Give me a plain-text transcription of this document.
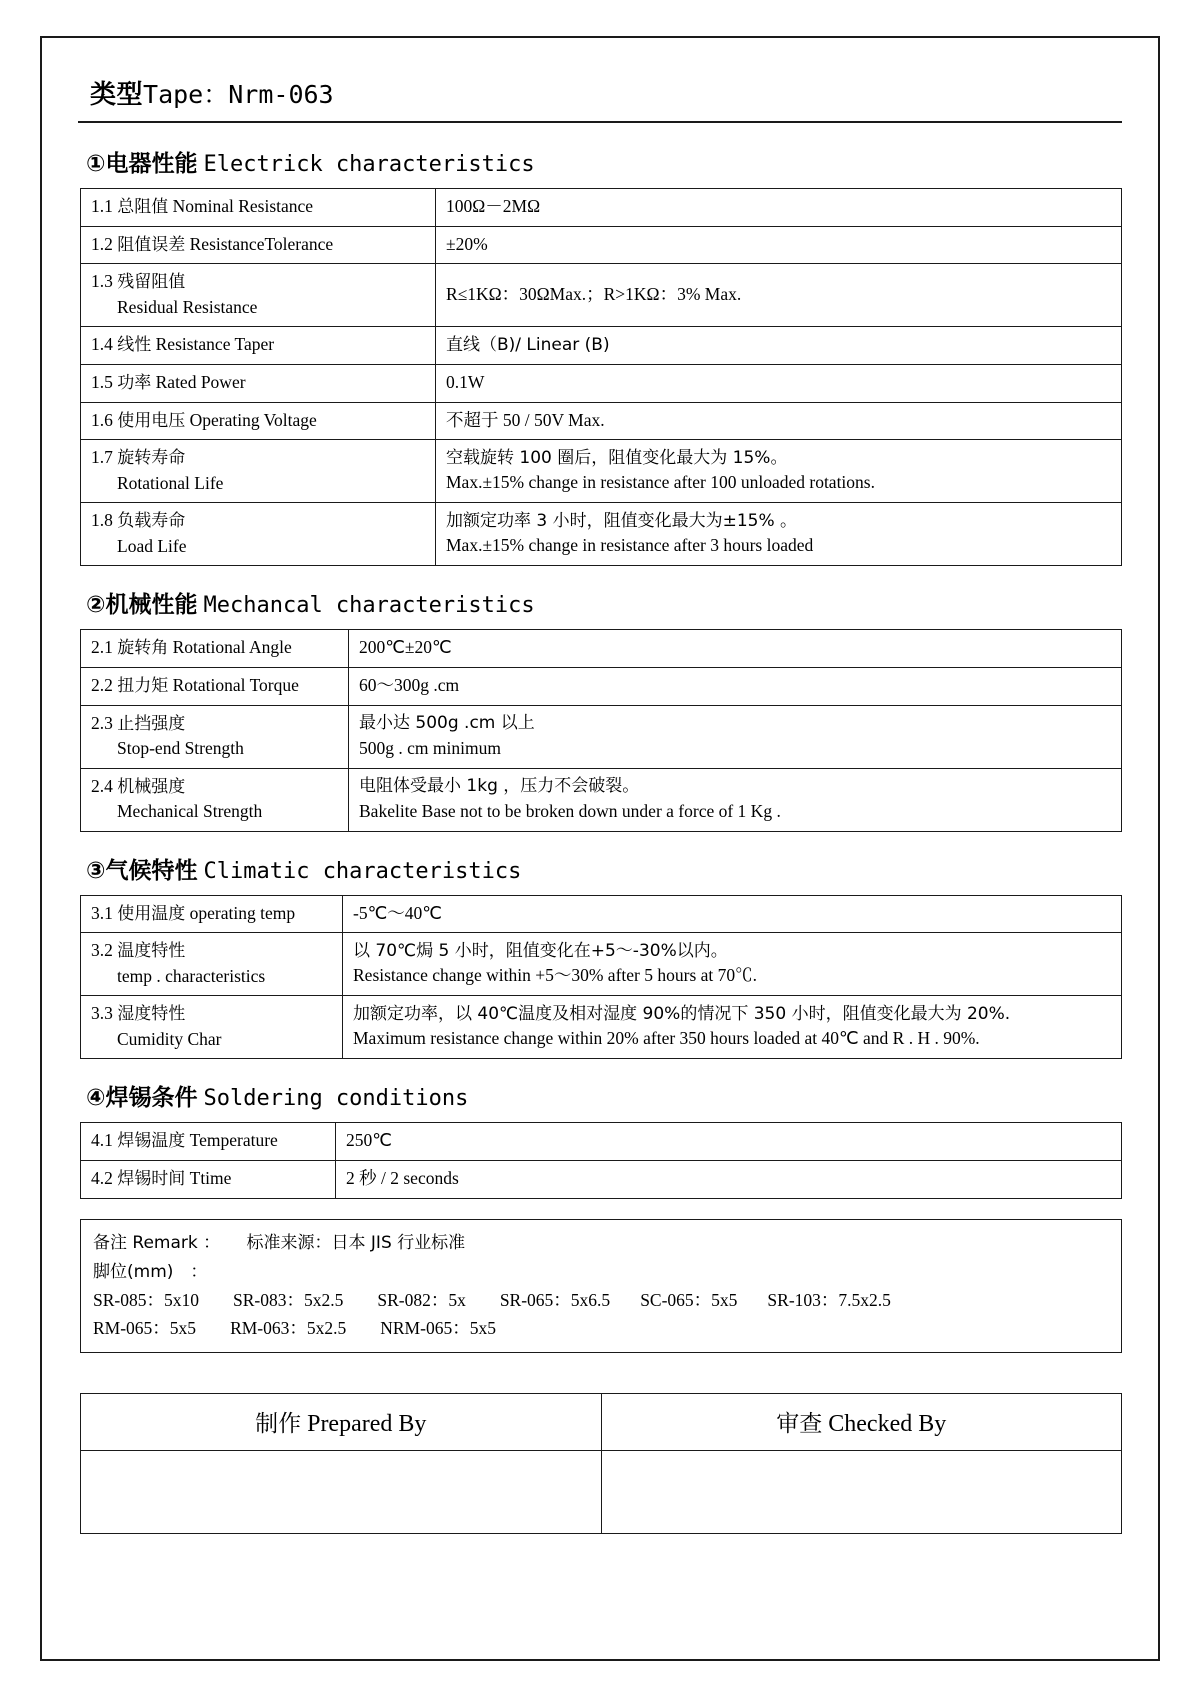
类型Tape：Nrm-063
①电器性能 Electrick characteristics
1.1 总阻值 Nominal Resistance	100Ω－2MΩ

1.2 阻值误差 ResistanceTolerance	±20%

1.3 残留阻值
Residual Resistance	R≤1KΩ：30ΩMax.；R>1KΩ：3% Max.

1.4 线性 Resistance Taper	直线（B)/ Linear (B)

1.5 功率 Rated Power	0.1W

1.6 使用电压 Operating Voltage	不超于 50 / 50V Max.

1.7 旋转寿命
Rotational Life	空载旋转 100 圈后，阻值变化最大为 15%。
Max.±15% change in resistance after 100 unloaded rotations.

1.8 负载寿命
Load Life	加额定功率 3 小时，阻值变化最大为±15% 。
Max.±15% change in resistance after 3 hours loaded
②机械性能 Mechancal characteristics
2.1 旋转角 Rotational Angle	200℃±20℃

2.2 扭力矩 Rotational Torque	60～300g .cm

2.3 止挡强度
Stop-end Strength	最小达 500g .cm 以上
500g . cm minimum

2.4 机械强度
Mechanical Strength	电阻体受最小 1kg ，压力不会破裂。
Bakelite Base not to be broken down under a force of 1 Kg .
③气候特性 Climatic characteristics
3.1 使用温度 operating temp	-5℃～40℃

3.2 温度特性
temp . characteristics	以 70℃焗 5 小时，阻值变化在+5～-30%以内。
Resistance change within +5～30% after 5 hours at 70℃.

3.3 湿度特性
Cumidity Char	加额定功率，以 40℃温度及相对湿度 90%的情况下 350 小时，阻值变化最大为 20%.
Maximum resistance change within 20% after 350 hours loaded at 40℃ and R . H . 90%.
④焊锡条件 Soldering conditions
4.1 焊锡温度 Temperature	250℃

4.2 焊锡时间 Ttime	2 秒 / 2 seconds
备注 Remark ： 标准来源：日本 JIS 行业标准
脚位(mm)　：
SR-085：5x10 SR-083：5x2.5 SR-082：5x SR-065：5x6.5 SC-065：5x5 SR-103：7.5x2.5
RM-065：5x5 RM-063：5x2.5 NRM-065：5x5
制作 Prepared By	审查 Checked By
